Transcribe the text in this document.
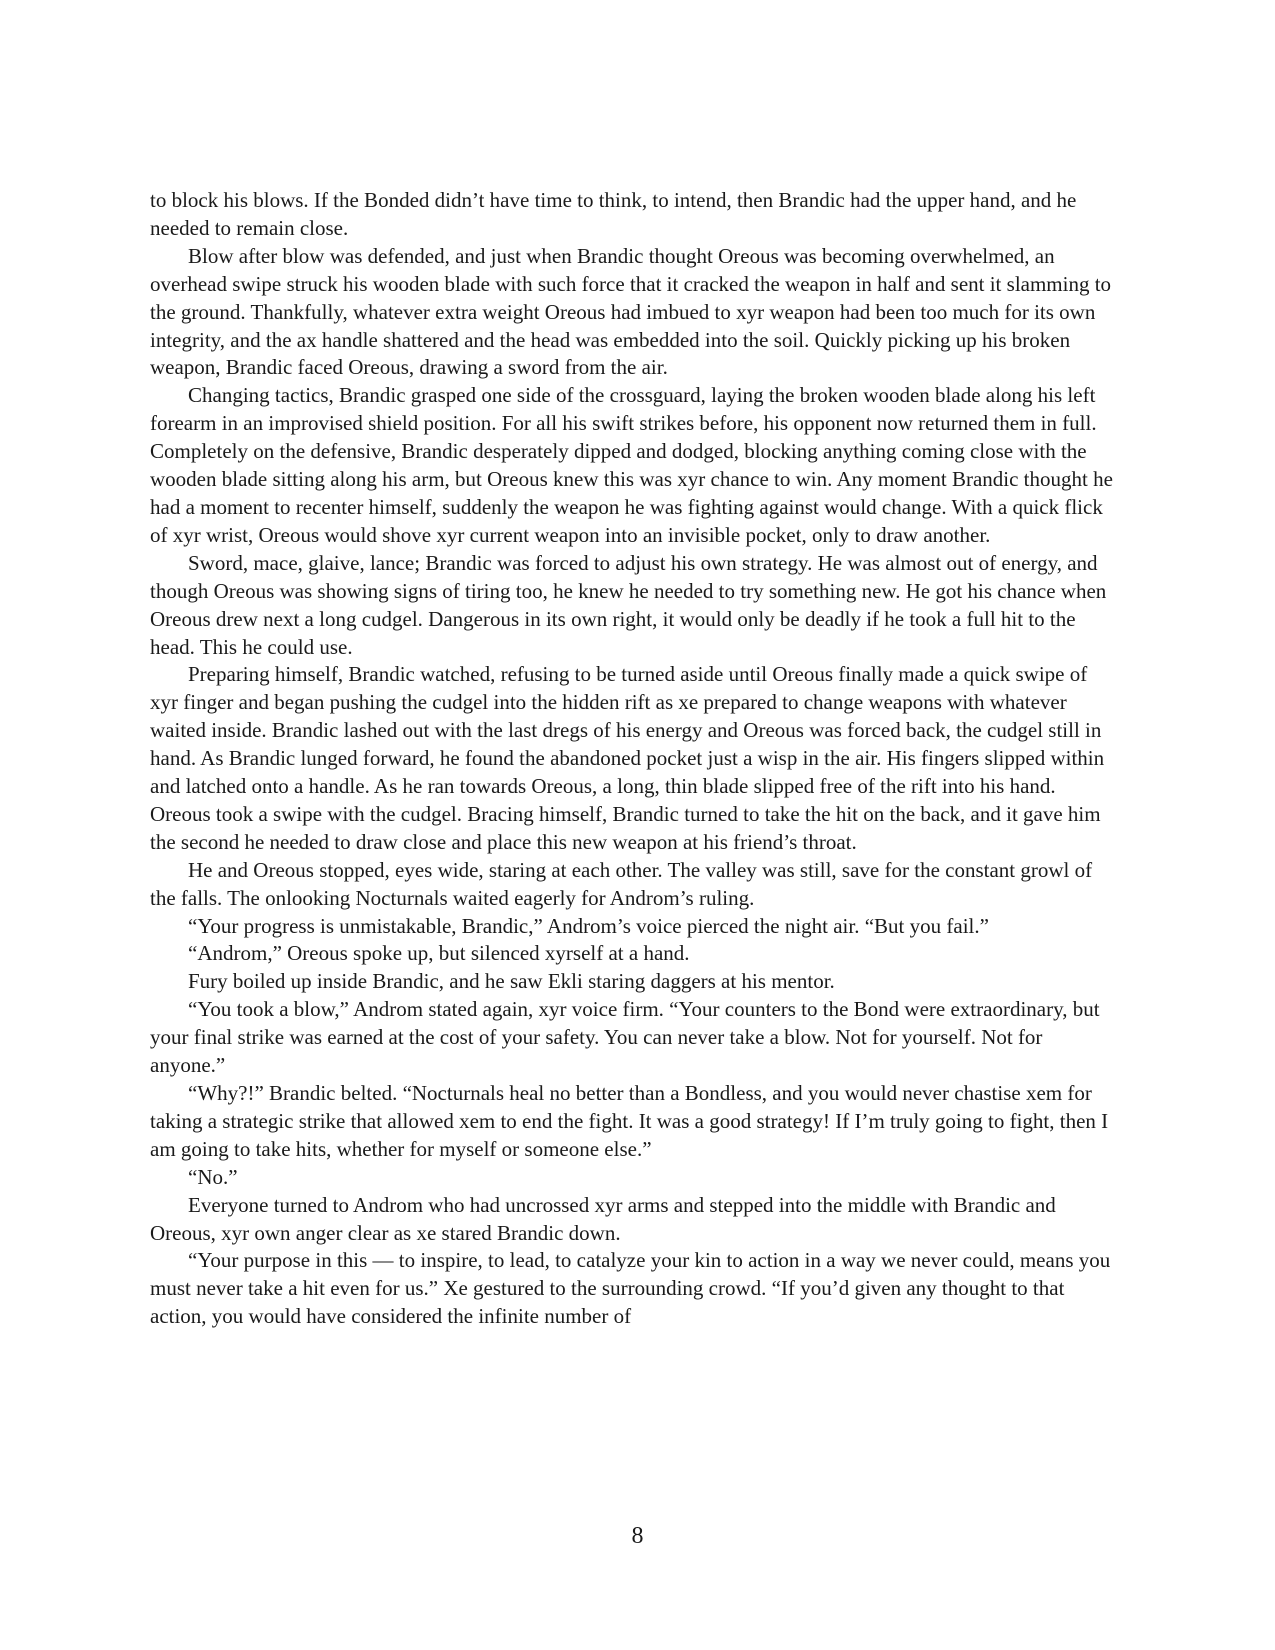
to block his blows. If the Bonded didn’t have time to think, to intend, then Brandic had the upper hand, and he needed to remain close.

Blow after blow was defended, and just when Brandic thought Oreous was becoming overwhelmed, an overhead swipe struck his wooden blade with such force that it cracked the weapon in half and sent it slamming to the ground. Thankfully, whatever extra weight Oreous had imbued to xyr weapon had been too much for its own integrity, and the ax handle shattered and the head was embedded into the soil. Quickly picking up his broken weapon, Brandic faced Oreous, drawing a sword from the air.

Changing tactics, Brandic grasped one side of the crossguard, laying the broken wooden blade along his left forearm in an improvised shield position. For all his swift strikes before, his opponent now returned them in full. Completely on the defensive, Brandic desperately dipped and dodged, blocking anything coming close with the wooden blade sitting along his arm, but Oreous knew this was xyr chance to win. Any moment Brandic thought he had a moment to recenter himself, suddenly the weapon he was fighting against would change. With a quick flick of xyr wrist, Oreous would shove xyr current weapon into an invisible pocket, only to draw another.

Sword, mace, glaive, lance; Brandic was forced to adjust his own strategy. He was almost out of energy, and though Oreous was showing signs of tiring too, he knew he needed to try something new. He got his chance when Oreous drew next a long cudgel. Dangerous in its own right, it would only be deadly if he took a full hit to the head. This he could use.

Preparing himself, Brandic watched, refusing to be turned aside until Oreous finally made a quick swipe of xyr finger and began pushing the cudgel into the hidden rift as xe prepared to change weapons with whatever waited inside. Brandic lashed out with the last dregs of his energy and Oreous was forced back, the cudgel still in hand. As Brandic lunged forward, he found the abandoned pocket just a wisp in the air. His fingers slipped within and latched onto a handle. As he ran towards Oreous, a long, thin blade slipped free of the rift into his hand. Oreous took a swipe with the cudgel. Bracing himself, Brandic turned to take the hit on the back, and it gave him the second he needed to draw close and place this new weapon at his friend’s throat.

He and Oreous stopped, eyes wide, staring at each other. The valley was still, save for the constant growl of the falls. The onlooking Nocturnals waited eagerly for Androm’s ruling.

“Your progress is unmistakable, Brandic,” Androm’s voice pierced the night air. “But you fail.”

“Androm,” Oreous spoke up, but silenced xyrself at a hand.

Fury boiled up inside Brandic, and he saw Ekli staring daggers at his mentor.

“You took a blow,” Androm stated again, xyr voice firm. “Your counters to the Bond were extraordinary, but your final strike was earned at the cost of your safety. You can never take a blow. Not for yourself. Not for anyone.”

“Why?!” Brandic belted. “Nocturnals heal no better than a Bondless, and you would never chastise xem for taking a strategic strike that allowed xem to end the fight. It was a good strategy! If I’m truly going to fight, then I am going to take hits, whether for myself or someone else.”

“No.”

Everyone turned to Androm who had uncrossed xyr arms and stepped into the middle with Brandic and Oreous, xyr own anger clear as xe stared Brandic down.

“Your purpose in this — to inspire, to lead, to catalyze your kin to action in a way we never could, means you must never take a hit even for us.” Xe gestured to the surrounding crowd. “If you’d given any thought to that action, you would have considered the infinite number of

8
